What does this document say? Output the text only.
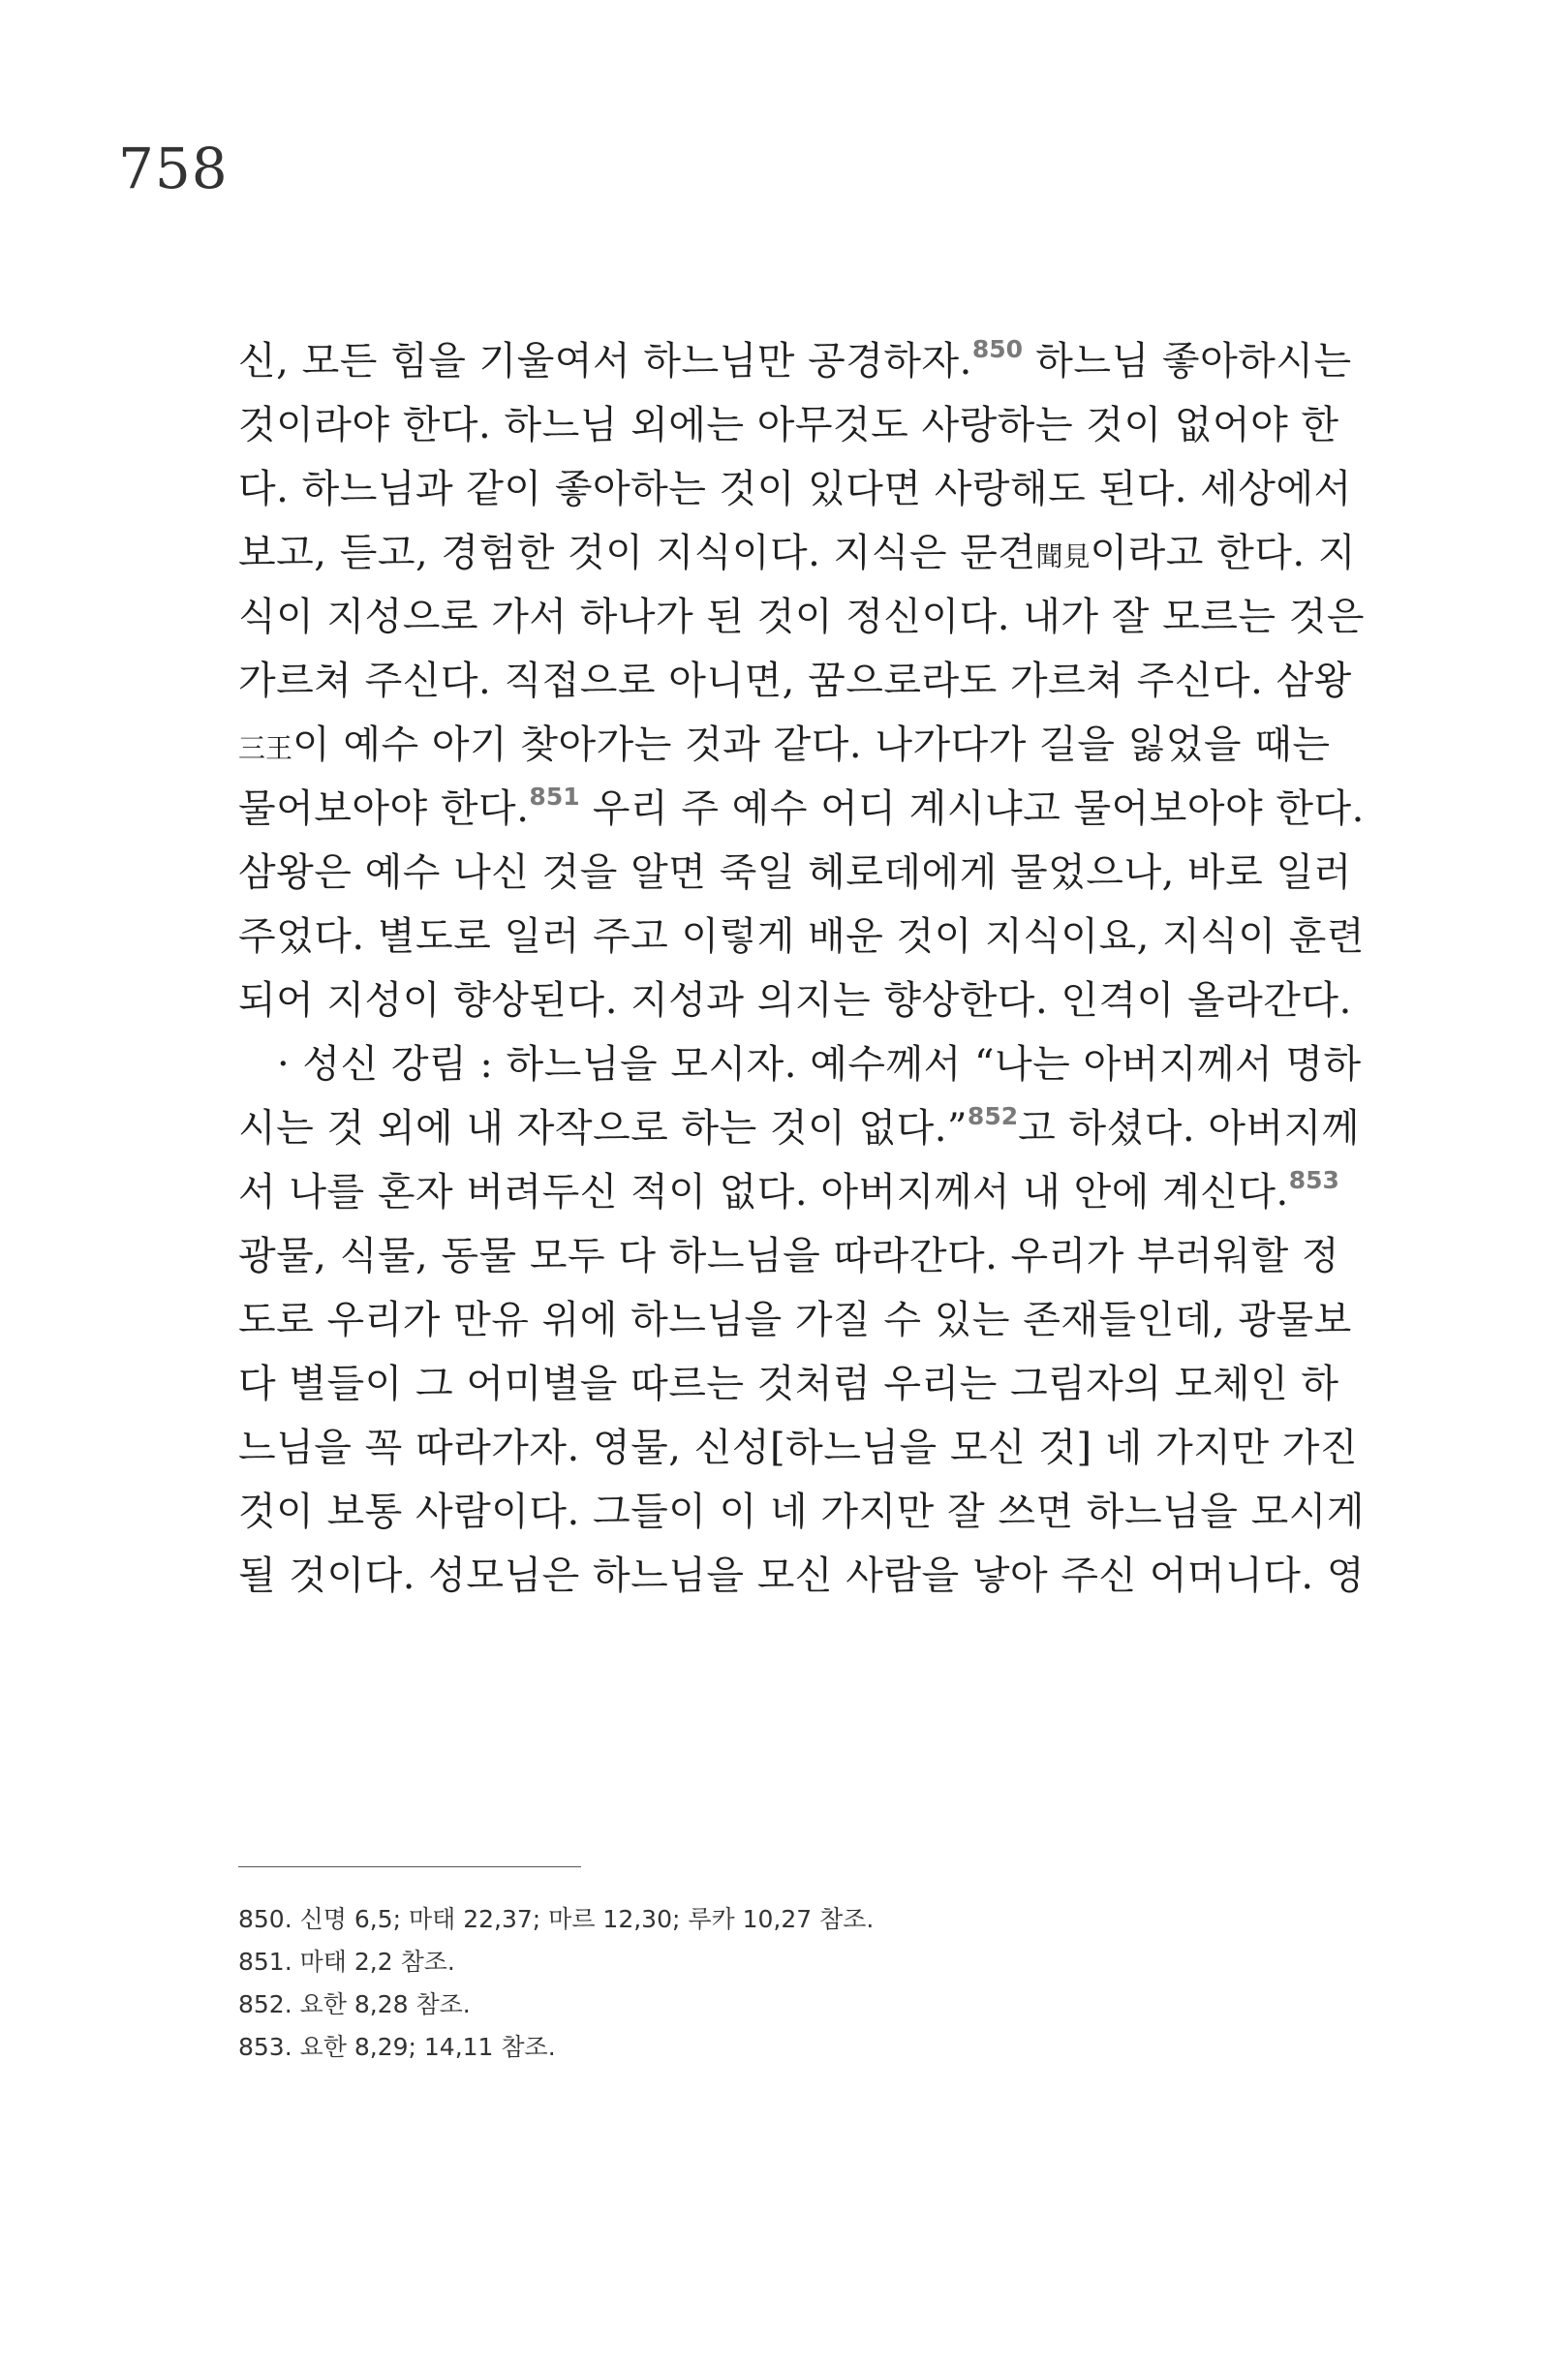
758
신, 모든 힘을 기울여서 하느님만 공경하자.$^{850}$ 하느님 좋아하시는
것이라야 한다. 하느님 외에는 아무것도 사랑하는 것이 없어야 한
다. 하느님과 같이 좋아하는 것이 있다면 사랑해도 된다. 세상에서
보고, 듣고, 경험한 것이 지식이다. 지식은 문견聞見이라고 한다. 지
식이 지성으로 가서 하나가 된 것이 정신이다. 내가 잘 모르는 것은
가르쳐 주신다. 직접으로 아니면, 꿈으로라도 가르쳐 주신다. 삼왕
三王이 예수 아기 찾아가는 것과 같다. 나가다가 길을 잃었을 때는
물어보아야 한다.$^{851}$ 우리 주 예수 어디 계시냐고 물어보아야 한다.
삼왕은 예수 나신 것을 알면 죽일 헤로데에게 물었으나, 바로 일러
주었다. 별도로 일러 주고 이렇게 배운 것이 지식이요, 지식이 훈련
되어 지성이 향상된다. 지성과 의지는 향상한다. 인격이 올라간다.
· 성신 강림 : 하느님을 모시자. 예수께서 “나는 아버지께서 명하
시는 것 외에 내 자작으로 하는 것이 없다.”$^{852}$고 하셨다. 아버지께
서 나를 혼자 버려두신 적이 없다. 아버지께서 내 안에 계신다.$^{853}$
광물, 식물, 동물 모두 다 하느님을 따라간다. 우리가 부러워할 정
도로 우리가 만유 위에 하느님을 가질 수 있는 존재들인데, 광물보
다 별들이 그 어미별을 따르는 것처럼 우리는 그림자의 모체인 하
느님을 꼭 따라가자. 영물, 신성[하느님을 모신 것] 네 가지만 가진
것이 보통 사람이다. 그들이 이 네 가지만 잘 쓰면 하느님을 모시게
될 것이다. 성모님은 하느님을 모신 사람을 낳아 주신 어머니다. 영
850. 신명 6,5; 마태 22,37; 마르 12,30; 루카 10,27 참조.
851. 마태 2,2 참조.
852. 요한 8,28 참조.
853. 요한 8,29; 14,11 참조.
